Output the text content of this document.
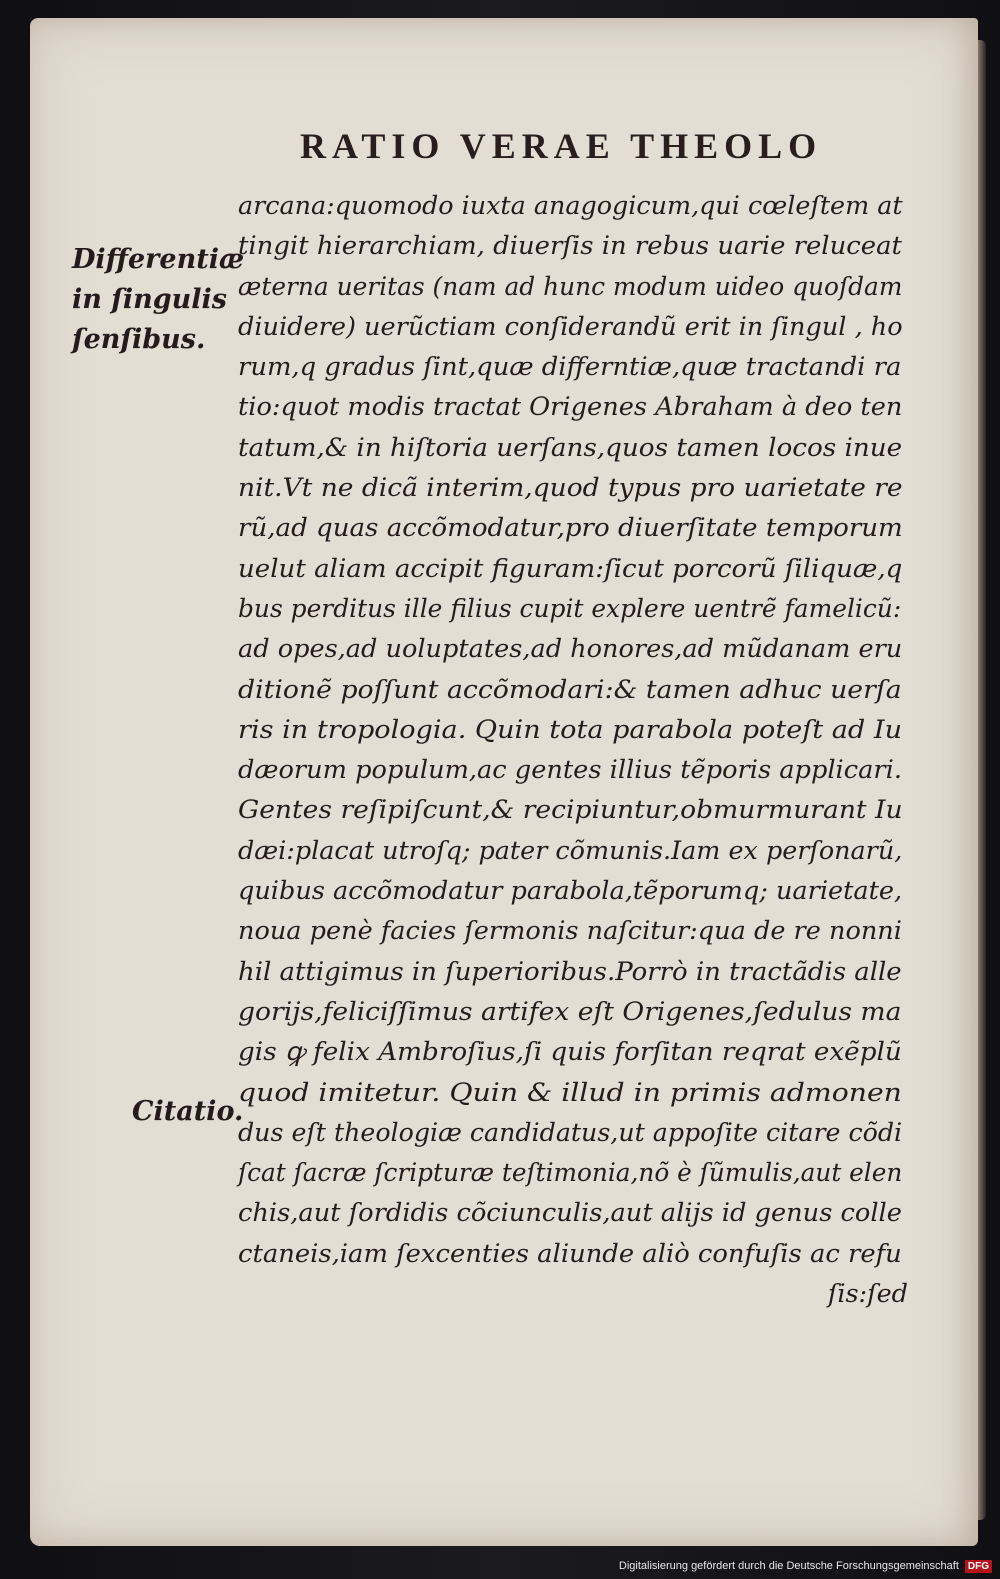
RATIO VERAE THEOLO
Differentiæ
in ſingulis
ſenſibus.
Citatio.
arcana:quomodo iuxta anagogicum,qui cœleſtem at
tingit hierarchiam, diuerſis in rebus uarie reluceat
æterna ueritas (nam ad hunc modum uideo quoſdam
diuidere) uerũctiam conſiderandũ erit in ſingul , ho
rum,q gradus ſint,quæ differntiæ,quæ tractandi ra
tio:quot modis tractat Origenes Abraham à deo ten
tatum,& in hiſtoria uerſans,quos tamen locos inue
nit.Vt ne dicã interim,quod typus pro uarietate re
rũ,ad quas accõmodatur,pro diuerſitate temporum
uelut aliam accipit figuram:ſicut porcorũ ſiliquæ,q
bus perditus ille filius cupit explere uentrẽ famelicũ:
ad opes,ad uoluptates,ad honores,ad mũdanam eru
ditionẽ poſſunt accõmodari:& tamen adhuc uerſa
ris in tropologia. Quin tota parabola poteſt ad Iu
dæorum populum,ac gentes illius tẽporis applicari.
Gentes reſipiſcunt,& recipiuntur,obmurmurant Iu
dæi:placat utroſq; pater cõmunis.Iam ex perſonarũ,
quibus accõmodatur parabola,tẽporumq; uarietate,
noua penè facies ſermonis naſcitur:qua de re nonni
hil attigimus in ſuperioribus.Porrò in tractãdis alle
gorijs,feliciſſimus artifex eſt Origenes,ſedulus ma
gis ꝙ felix Ambroſius,ſi quis forſitan reqrat exẽplũ
quod imitetur. Quin & illud in primis admonen
dus eſt theologiæ candidatus,ut appoſite citare cõdi
ſcat ſacræ ſcripturæ teſtimonia,nõ è ſũmulis,aut elen
chis,aut ſordidis cõciunculis,aut alijs id genus colle
ctaneis,iam ſexcenties aliunde aliò confuſis ac refu
ſis:ſed
Digitalisierung gefördert durch die Deutsche Forschungsgemeinschaft DFG
